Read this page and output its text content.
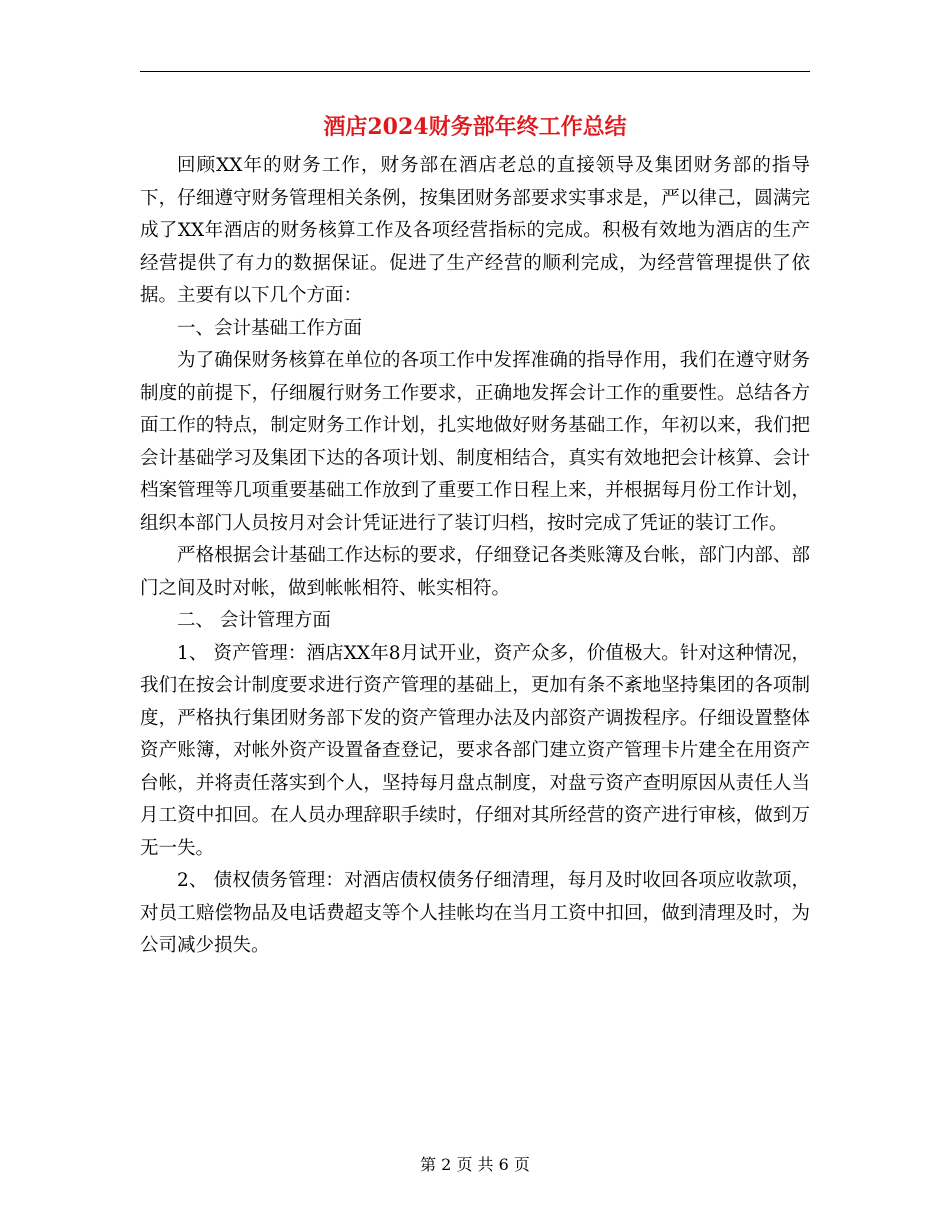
酒店2024财务部年终工作总结

回顾XX年的财务工作，财务部在酒店老总的直接领导及集团财务部的指导下，仔细遵守财务管理相关条例，按集团财务部要求实事求是，严以律己，圆满完成了XX年酒店的财务核算工作及各项经营指标的完成。积极有效地为酒店的生产经营提供了有力的数据保证。促进了生产经营的顺利完成，为经营管理提供了依据。主要有以下几个方面：

一、会计基础工作方面

为了确保财务核算在单位的各项工作中发挥准确的指导作用，我们在遵守财务制度的前提下，仔细履行财务工作要求，正确地发挥会计工作的重要性。总结各方面工作的特点，制定财务工作计划，扎实地做好财务基础工作，年初以来，我们把会计基础学习及集团下达的各项计划、制度相结合，真实有效地把会计核算、会计档案管理等几项重要基础工作放到了重要工作日程上来，并根据每月份工作计划，组织本部门人员按月对会计凭证进行了装订归档，按时完成了凭证的装订工作。

严格根据会计基础工作达标的要求，仔细登记各类账簿及台帐，部门内部、部门之间及时对帐，做到帐帐相符、帐实相符。

二、 会计管理方面

1、 资产管理：酒店XX年8月试开业，资产众多，价值极大。针对这种情况，我们在按会计制度要求进行资产管理的基础上，更加有条不紊地坚持集团的各项制度，严格执行集团财务部下发的资产管理办法及内部资产调拨程序。仔细设置整体资产账簿，对帐外资产设置备查登记，要求各部门建立资产管理卡片建全在用资产台帐，并将责任落实到个人，坚持每月盘点制度，对盘亏资产查明原因从责任人当月工资中扣回。在人员办理辞职手续时，仔细对其所经营的资产进行审核，做到万无一失。

2、 债权债务管理：对酒店债权债务仔细清理，每月及时收回各项应收款项，对员工赔偿物品及电话费超支等个人挂帐均在当月工资中扣回，做到清理及时，为公司减少损失。

第 2 页 共 6 页
